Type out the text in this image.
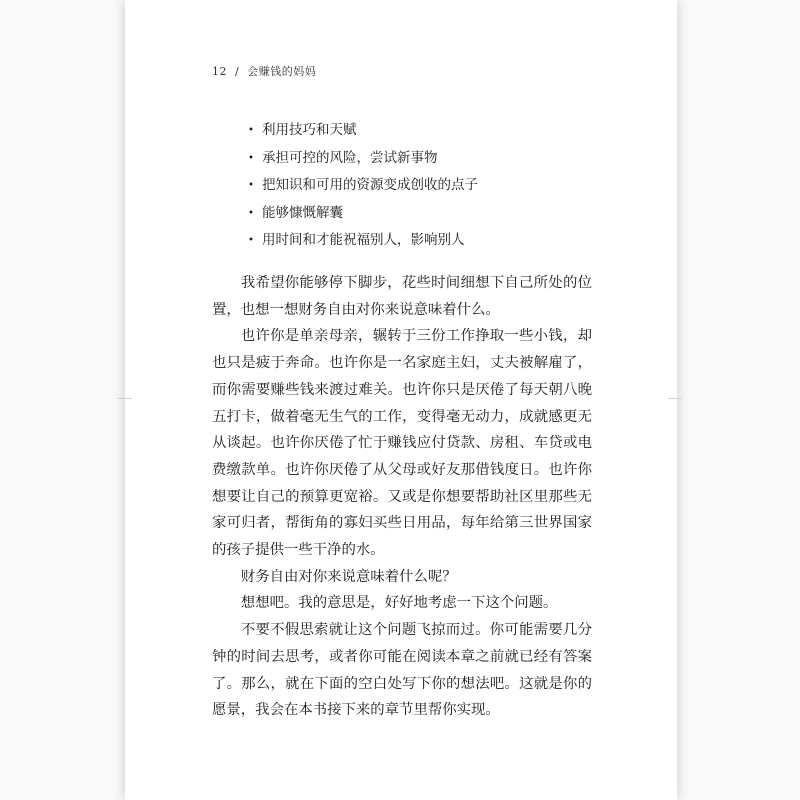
12 / 会赚钱的妈妈
• 利用技巧和天赋
• 承担可控的风险，尝试新事物
• 把知识和可用的资源变成创收的点子
• 能够慷慨解囊
• 用时间和才能祝福别人，影响别人

我希望你能够停下脚步，花些时间细想下自己所处的位置，也想一想财务自由对你来说意味着什么。

也许你是单亲母亲，辗转于三份工作挣取一些小钱，却也只是疲于奔命。也许你是一名家庭主妇，丈夫被解雇了，而你需要赚些钱来渡过难关。也许你只是厌倦了每天朝八晚五打卡，做着毫无生气的工作，变得毫无动力，成就感更无从谈起。也许你厌倦了忙于赚钱应付贷款、房租、车贷或电费缴款单。也许你厌倦了从父母或好友那借钱度日。也许你想要让自己的预算更宽裕。又或是你想要帮助社区里那些无家可归者，帮街角的寡妇买些日用品，每年给第三世界国家的孩子提供一些干净的水。

财务自由对你来说意味着什么呢？

想想吧。我的意思是，好好地考虑一下这个问题。

不要不假思索就让这个问题飞掠而过。你可能需要几分钟的时间去思考，或者你可能在阅读本章之前就已经有答案了。那么，就在下面的空白处写下你的想法吧。这就是你的愿景，我会在本书接下来的章节里帮你实现。
